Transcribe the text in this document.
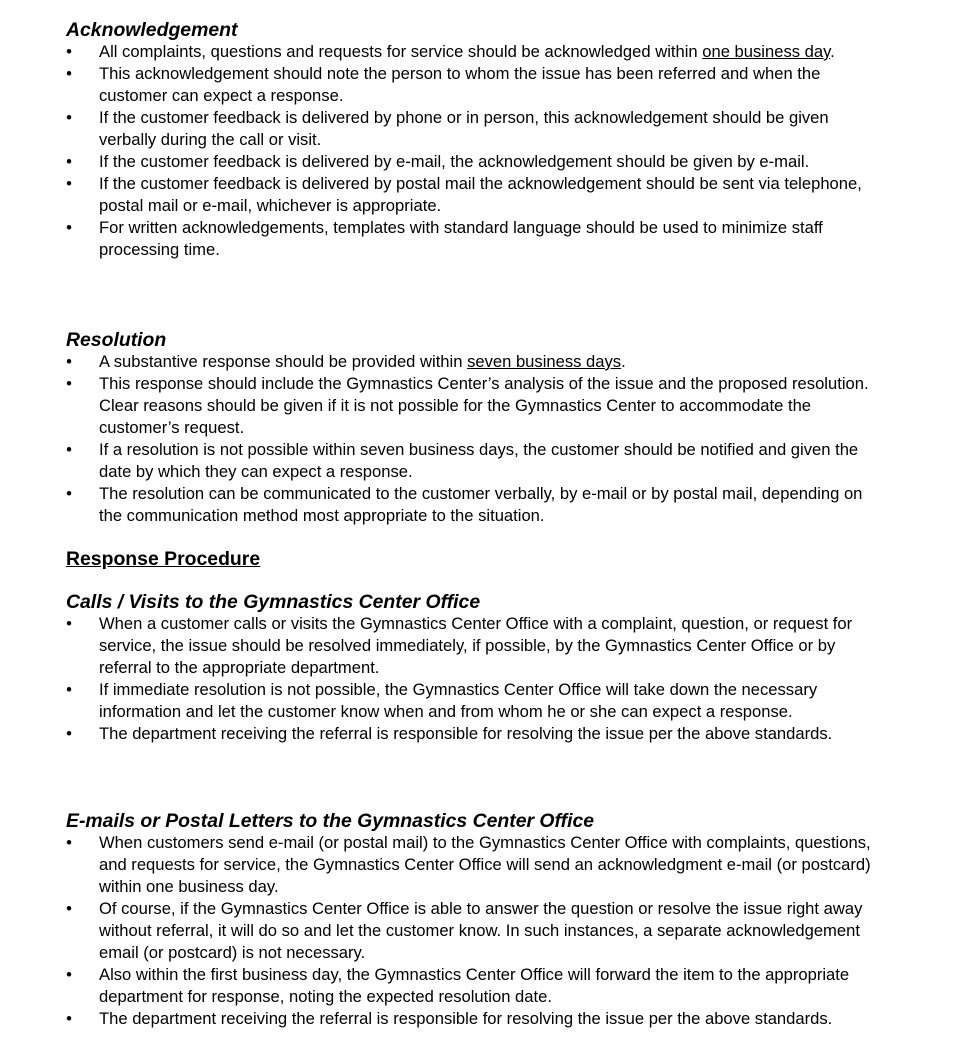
Acknowledgement
• All complaints, questions and requests for service should be acknowledged within one business day.
• This acknowledgement should note the person to whom the issue has been referred and when the customer can expect a response.
• If the customer feedback is delivered by phone or in person, this acknowledgement should be given verbally during the call or visit.
• If the customer feedback is delivered by e-mail, the acknowledgement should be given by e-mail.
• If the customer feedback is delivered by postal mail the acknowledgement should be sent via telephone, postal mail or e-mail, whichever is appropriate.
• For written acknowledgements, templates with standard language should be used to minimize staff processing time.
Resolution
• A substantive response should be provided within seven business days.
• This response should include the Gymnastics Center’s analysis of the issue and the proposed resolution. Clear reasons should be given if it is not possible for the Gymnastics Center to accommodate the customer’s request.
• If a resolution is not possible within seven business days, the customer should be notified and given the date by which they can expect a response.
• The resolution can be communicated to the customer verbally, by e-mail or by postal mail, depending on the communication method most appropriate to the situation.
Response Procedure
Calls / Visits to the Gymnastics Center Office
• When a customer calls or visits the Gymnastics Center Office with a complaint, question, or request for service, the issue should be resolved immediately, if possible, by the Gymnastics Center Office or by referral to the appropriate department.
• If immediate resolution is not possible, the Gymnastics Center Office will take down the necessary information and let the customer know when and from whom he or she can expect a response.
• The department receiving the referral is responsible for resolving the issue per the above standards.
E-mails or Postal Letters to the Gymnastics Center Office
• When customers send e-mail (or postal mail) to the Gymnastics Center Office with complaints, questions, and requests for service, the Gymnastics Center Office will send an acknowledgment e-mail (or postcard) within one business day.
• Of course, if the Gymnastics Center Office is able to answer the question or resolve the issue right away without referral, it will do so and let the customer know. In such instances, a separate acknowledgement email (or postcard) is not necessary.
• Also within the first business day, the Gymnastics Center Office will forward the item to the appropriate department for response, noting the expected resolution date.
• The department receiving the referral is responsible for resolving the issue per the above standards.
